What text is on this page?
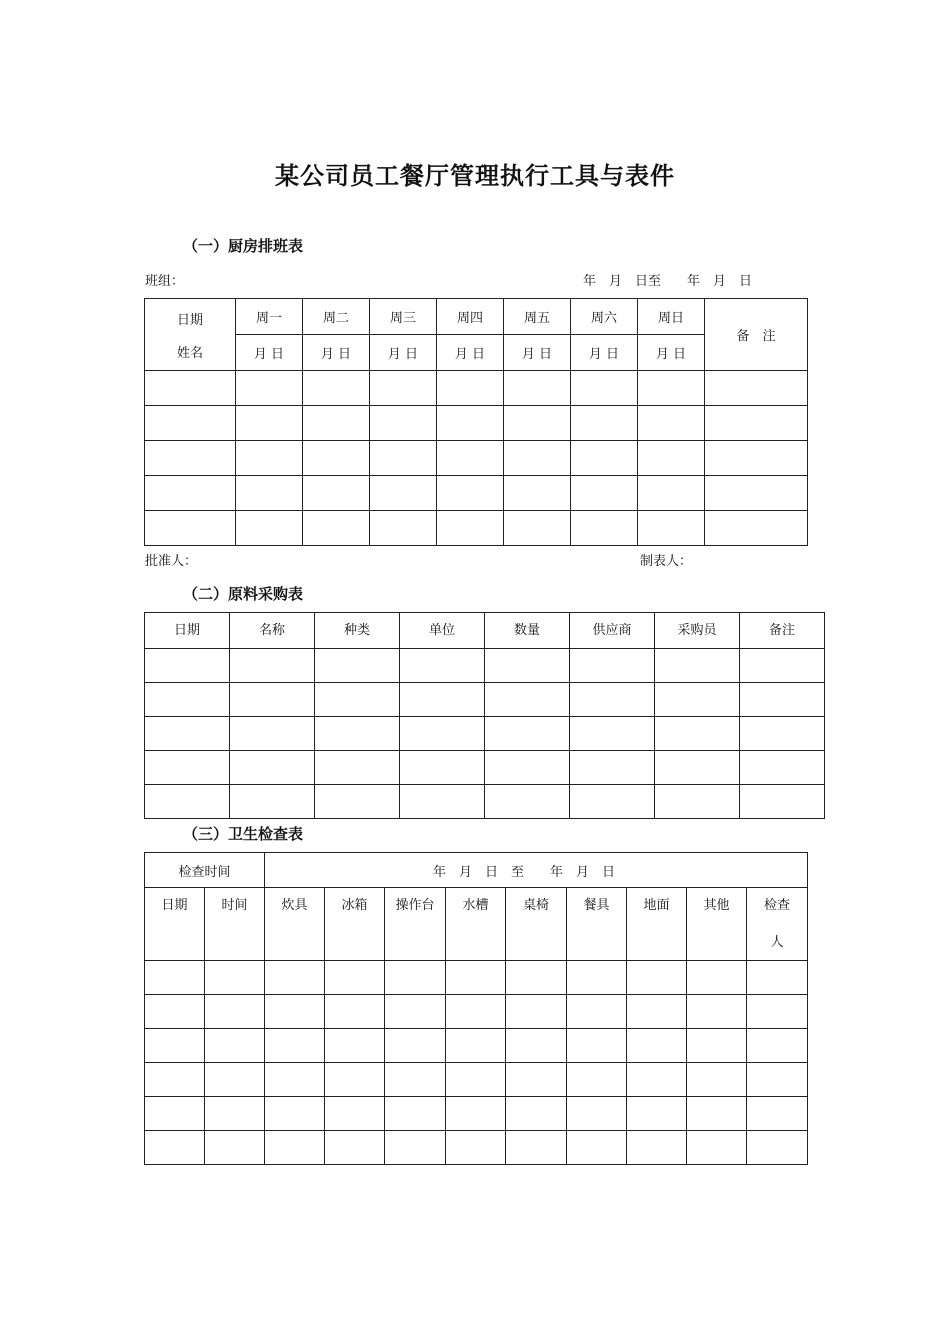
某公司员工餐厅管理执行工具与表件
（一）厨房排班表
班组：	年　月　日至　　年　月　日
日期
姓名	周一	周二	周三	周四	周五	周六	周日	备　注
	月 日	月 日	月 日	月 日	月 日	月 日	月 日	

批准人：	制表人：
（二）原料采购表
日期	名称	种类	单位	数量	供应商	采购员	备注

（三）卫生检查表
检查时间		年　月　日　至　　年　月　日								
日期	时间	炊具	冰箱	操作台	水槽	桌椅	餐具	地面	其他	检查
人
